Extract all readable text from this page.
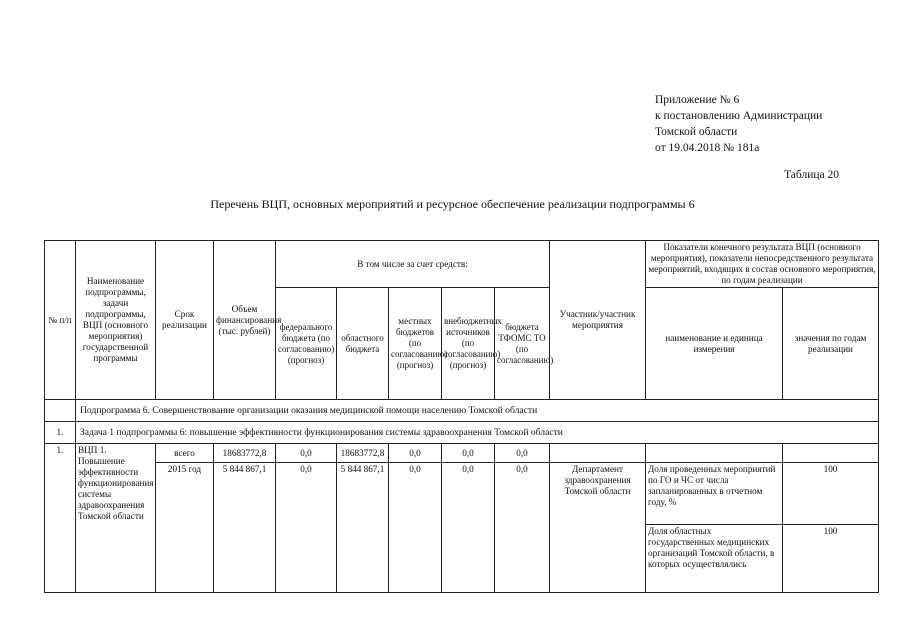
Приложение № 6
к постановлению Администрации
Томской области
от 19.04.2018 № 181а
Таблица 20
Перечень ВЦП, основных мероприятий и ресурсное обеспечение реализации подпрограммы 6
№ п/п	Наименование подпрограммы, задачи подпрограммы, ВЦП (основного мероприятия) государственной программы	Срок реализации	Объем финансирования (тыс. рублей)	В том числе за счет средств:					Участник/участник мероприятия	Показатели конечного результата ВЦП (основного мероприятия), показатели непосредственного результата мероприятий, входящих в состав основного мероприятия, по годам реализации	
				федерального бюджета (по согласованию) (прогноз)	областного бюджета	местных бюджетов (по согласованию) (прогноз)	внебюджетных источников (по согласованию) (прогноз)	бюджета ТФОМС ТО (по согласованию)		наименование и единица измерения	значения по годам реализации
	Подпрограмма 6. Совершенствование организации оказания медицинской помощи населению Томской области										
1.	Задача 1 подпрограммы 6: повышение эффективности функционирования системы здравоохранения Томской области										
1.	ВЦП 1. Повышение эффективности функционирования системы здравоохранения Томской области	всего	18683772,8	0,0	18683772,8	0,0	0,0	0,0			
		2015 год	5 844 867,1	0,0	5 844 867,1	0,0	0,0	0,0	Департамент здравоохранения Томской области	Доля проведенных мероприятий по ГО и ЧС от числа запланированных в отчетном году, %	100
										Доля областных государственных медицинских организаций Томской области, в которых осуществлялись	100
